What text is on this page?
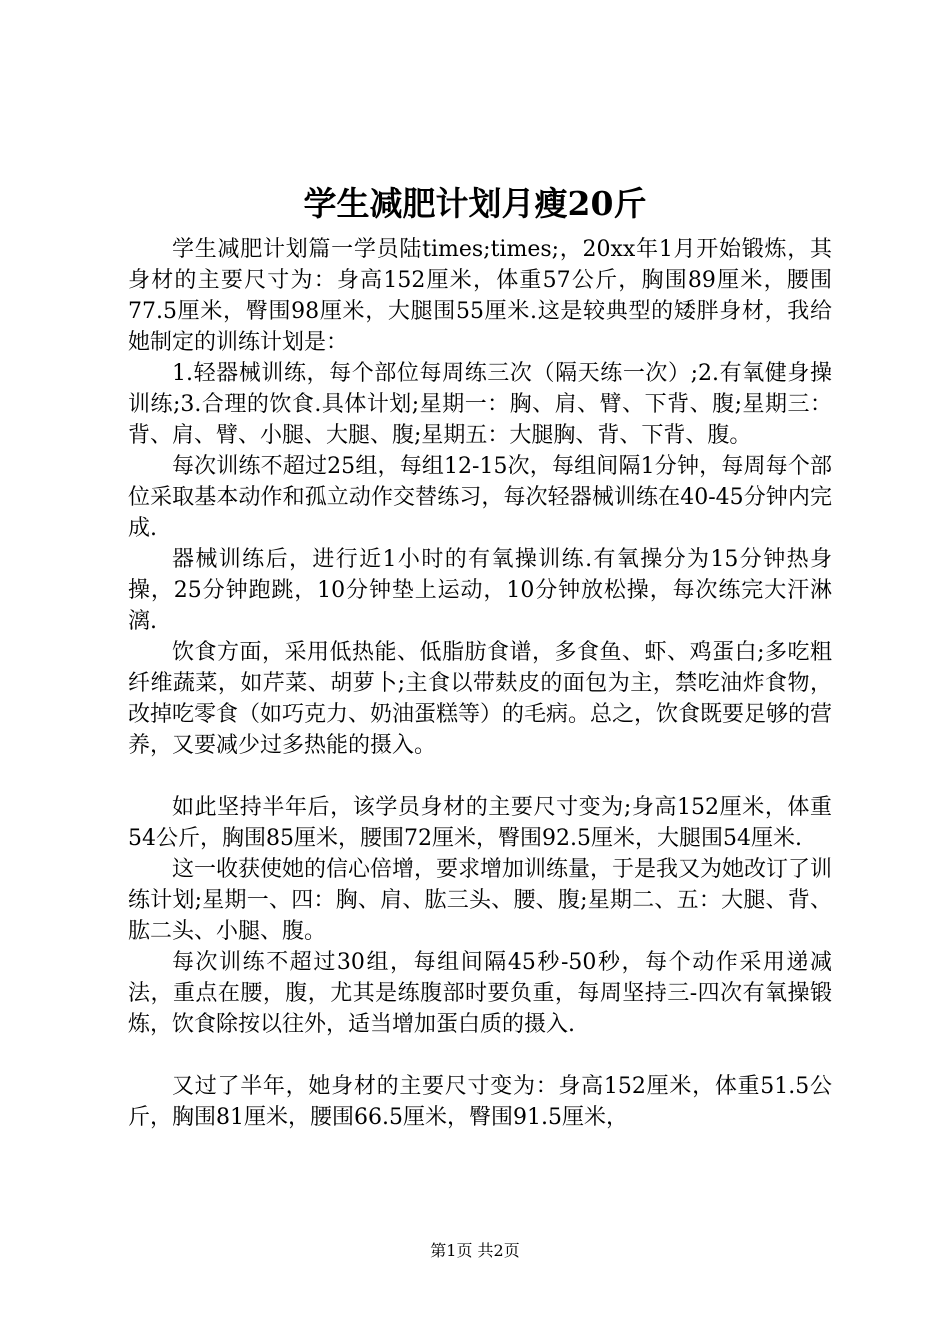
学生减肥计划月瘦20斤

学生减肥计划篇一学员陆times;times;，20xx年1月开始锻炼，其身材的主要尺寸为：身高152厘米，体重57公斤，胸围89厘米，腰围77.5厘米，臀围98厘米，大腿围55厘米.这是较典型的矮胖身材，我给她制定的训练计划是：

1.轻器械训练，每个部位每周练三次（隔天练一次）;2.有氧健身操训练;3.合理的饮食.具体计划;星期一：胸、肩、臂、下背、腹;星期三：背、肩、臂、小腿、大腿、腹;星期五：大腿胸、背、下背、腹。

每次训练不超过25组，每组12-15次，每组间隔1分钟，每周每个部位采取基本动作和孤立动作交替练习，每次轻器械训练在40-45分钟内完成.

器械训练后，进行近1小时的有氧操训练.有氧操分为15分钟热身操，25分钟跑跳，10分钟垫上运动，10分钟放松操，每次练完大汗淋漓.

饮食方面，采用低热能、低脂肪食谱，多食鱼、虾、鸡蛋白;多吃粗纤维蔬菜，如芹菜、胡萝卜;主食以带麸皮的面包为主，禁吃油炸食物，改掉吃零食（如巧克力、奶油蛋糕等）的毛病。总之，饮食既要足够的营养，又要减少过多热能的摄入。

如此坚持半年后，该学员身材的主要尺寸变为;身高152厘米，体重54公斤，胸围85厘米，腰围72厘米，臀围92.5厘米，大腿围54厘米.

这一收获使她的信心倍增，要求增加训练量，于是我又为她改订了训练计划;星期一、四：胸、肩、肱三头、腰、腹;星期二、五：大腿、背、肱二头、小腿、腹。

每次训练不超过30组，每组间隔45秒-50秒，每个动作采用递减法，重点在腰，腹，尤其是练腹部时要负重，每周坚持三-四次有氧操锻炼，饮食除按以往外，适当增加蛋白质的摄入.

又过了半年，她身材的主要尺寸变为：身高152厘米，体重51.5公斤，胸围81厘米，腰围66.5厘米，臀围91.5厘米，

第1页 共2页
